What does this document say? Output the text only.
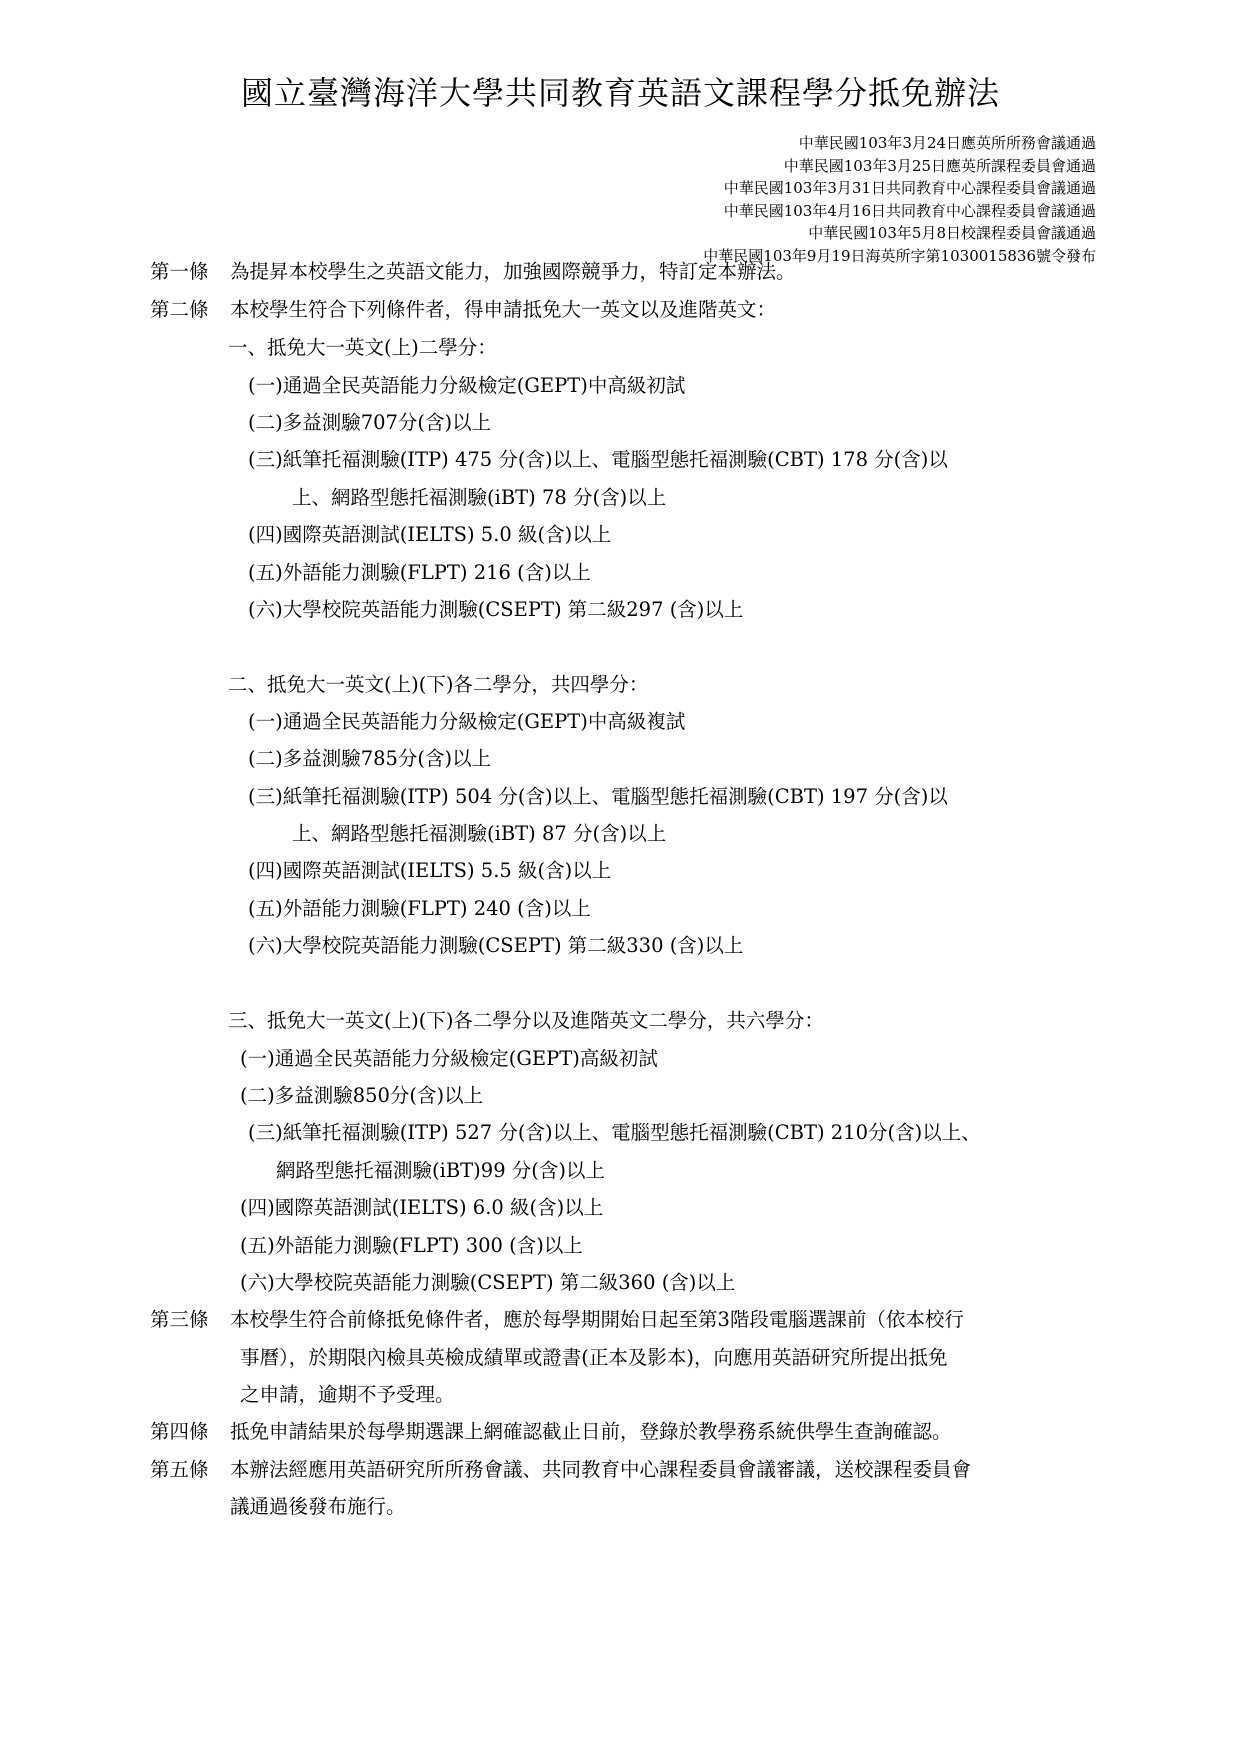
國立臺灣海洋大學共同教育英語文課程學分抵免辦法
中華民國103年3月24日應英所所務會議通過
中華民國103年3月25日應英所課程委員會通過
中華民國103年3月31日共同教育中心課程委員會議通過
中華民國103年4月16日共同教育中心課程委員會議通過
中華民國103年5月8日校課程委員會議通過
中華民國103年9月19日海英所字第1030015836號令發布
第一條 為提昇本校學生之英語文能力，加強國際競爭力，特訂定本辦法。
第二條 本校學生符合下列條件者，得申請抵免大一英文以及進階英文：
一、抵免大一英文(上)二學分：
(一)通過全民英語能力分級檢定(GEPT)中高級初試
(二)多益測驗707分(含)以上
(三)紙筆托福測驗(ITP) 475 分(含)以上、電腦型態托福測驗(CBT) 178 分(含)以
上、網路型態托福測驗(iBT) 78 分(含)以上
(四)國際英語測試(IELTS) 5.0 級(含)以上
(五)外語能力測驗(FLPT) 216 (含)以上
(六)大學校院英語能力測驗(CSEPT) 第二級297 (含)以上
二、抵免大一英文(上)(下)各二學分，共四學分：
(一)通過全民英語能力分級檢定(GEPT)中高級複試
(二)多益測驗785分(含)以上
(三)紙筆托福測驗(ITP) 504 分(含)以上、電腦型態托福測驗(CBT) 197 分(含)以
上、網路型態托福測驗(iBT) 87 分(含)以上
(四)國際英語測試(IELTS) 5.5 級(含)以上
(五)外語能力測驗(FLPT) 240 (含)以上
(六)大學校院英語能力測驗(CSEPT) 第二級330 (含)以上
三、抵免大一英文(上)(下)各二學分以及進階英文二學分，共六學分：
(一)通過全民英語能力分級檢定(GEPT)高級初試
(二)多益測驗850分(含)以上
(三)紙筆托福測驗(ITP) 527 分(含)以上、電腦型態托福測驗(CBT) 210分(含)以上、
網路型態托福測驗(iBT)99 分(含)以上
(四)國際英語測試(IELTS) 6.0 級(含)以上
(五)外語能力測驗(FLPT) 300 (含)以上
(六)大學校院英語能力測驗(CSEPT) 第二級360 (含)以上
第三條 本校學生符合前條抵免條件者，應於每學期開始日起至第3階段電腦選課前（依本校行
事曆），於期限內檢具英檢成績單或證書(正本及影本)，向應用英語研究所提出抵免
之申請，逾期不予受理。
第四條 抵免申請結果於每學期選課上網確認截止日前，登錄於教學務系統供學生查詢確認。
第五條 本辦法經應用英語研究所所務會議、共同教育中心課程委員會議審議，送校課程委員會
議通過後發布施行。
